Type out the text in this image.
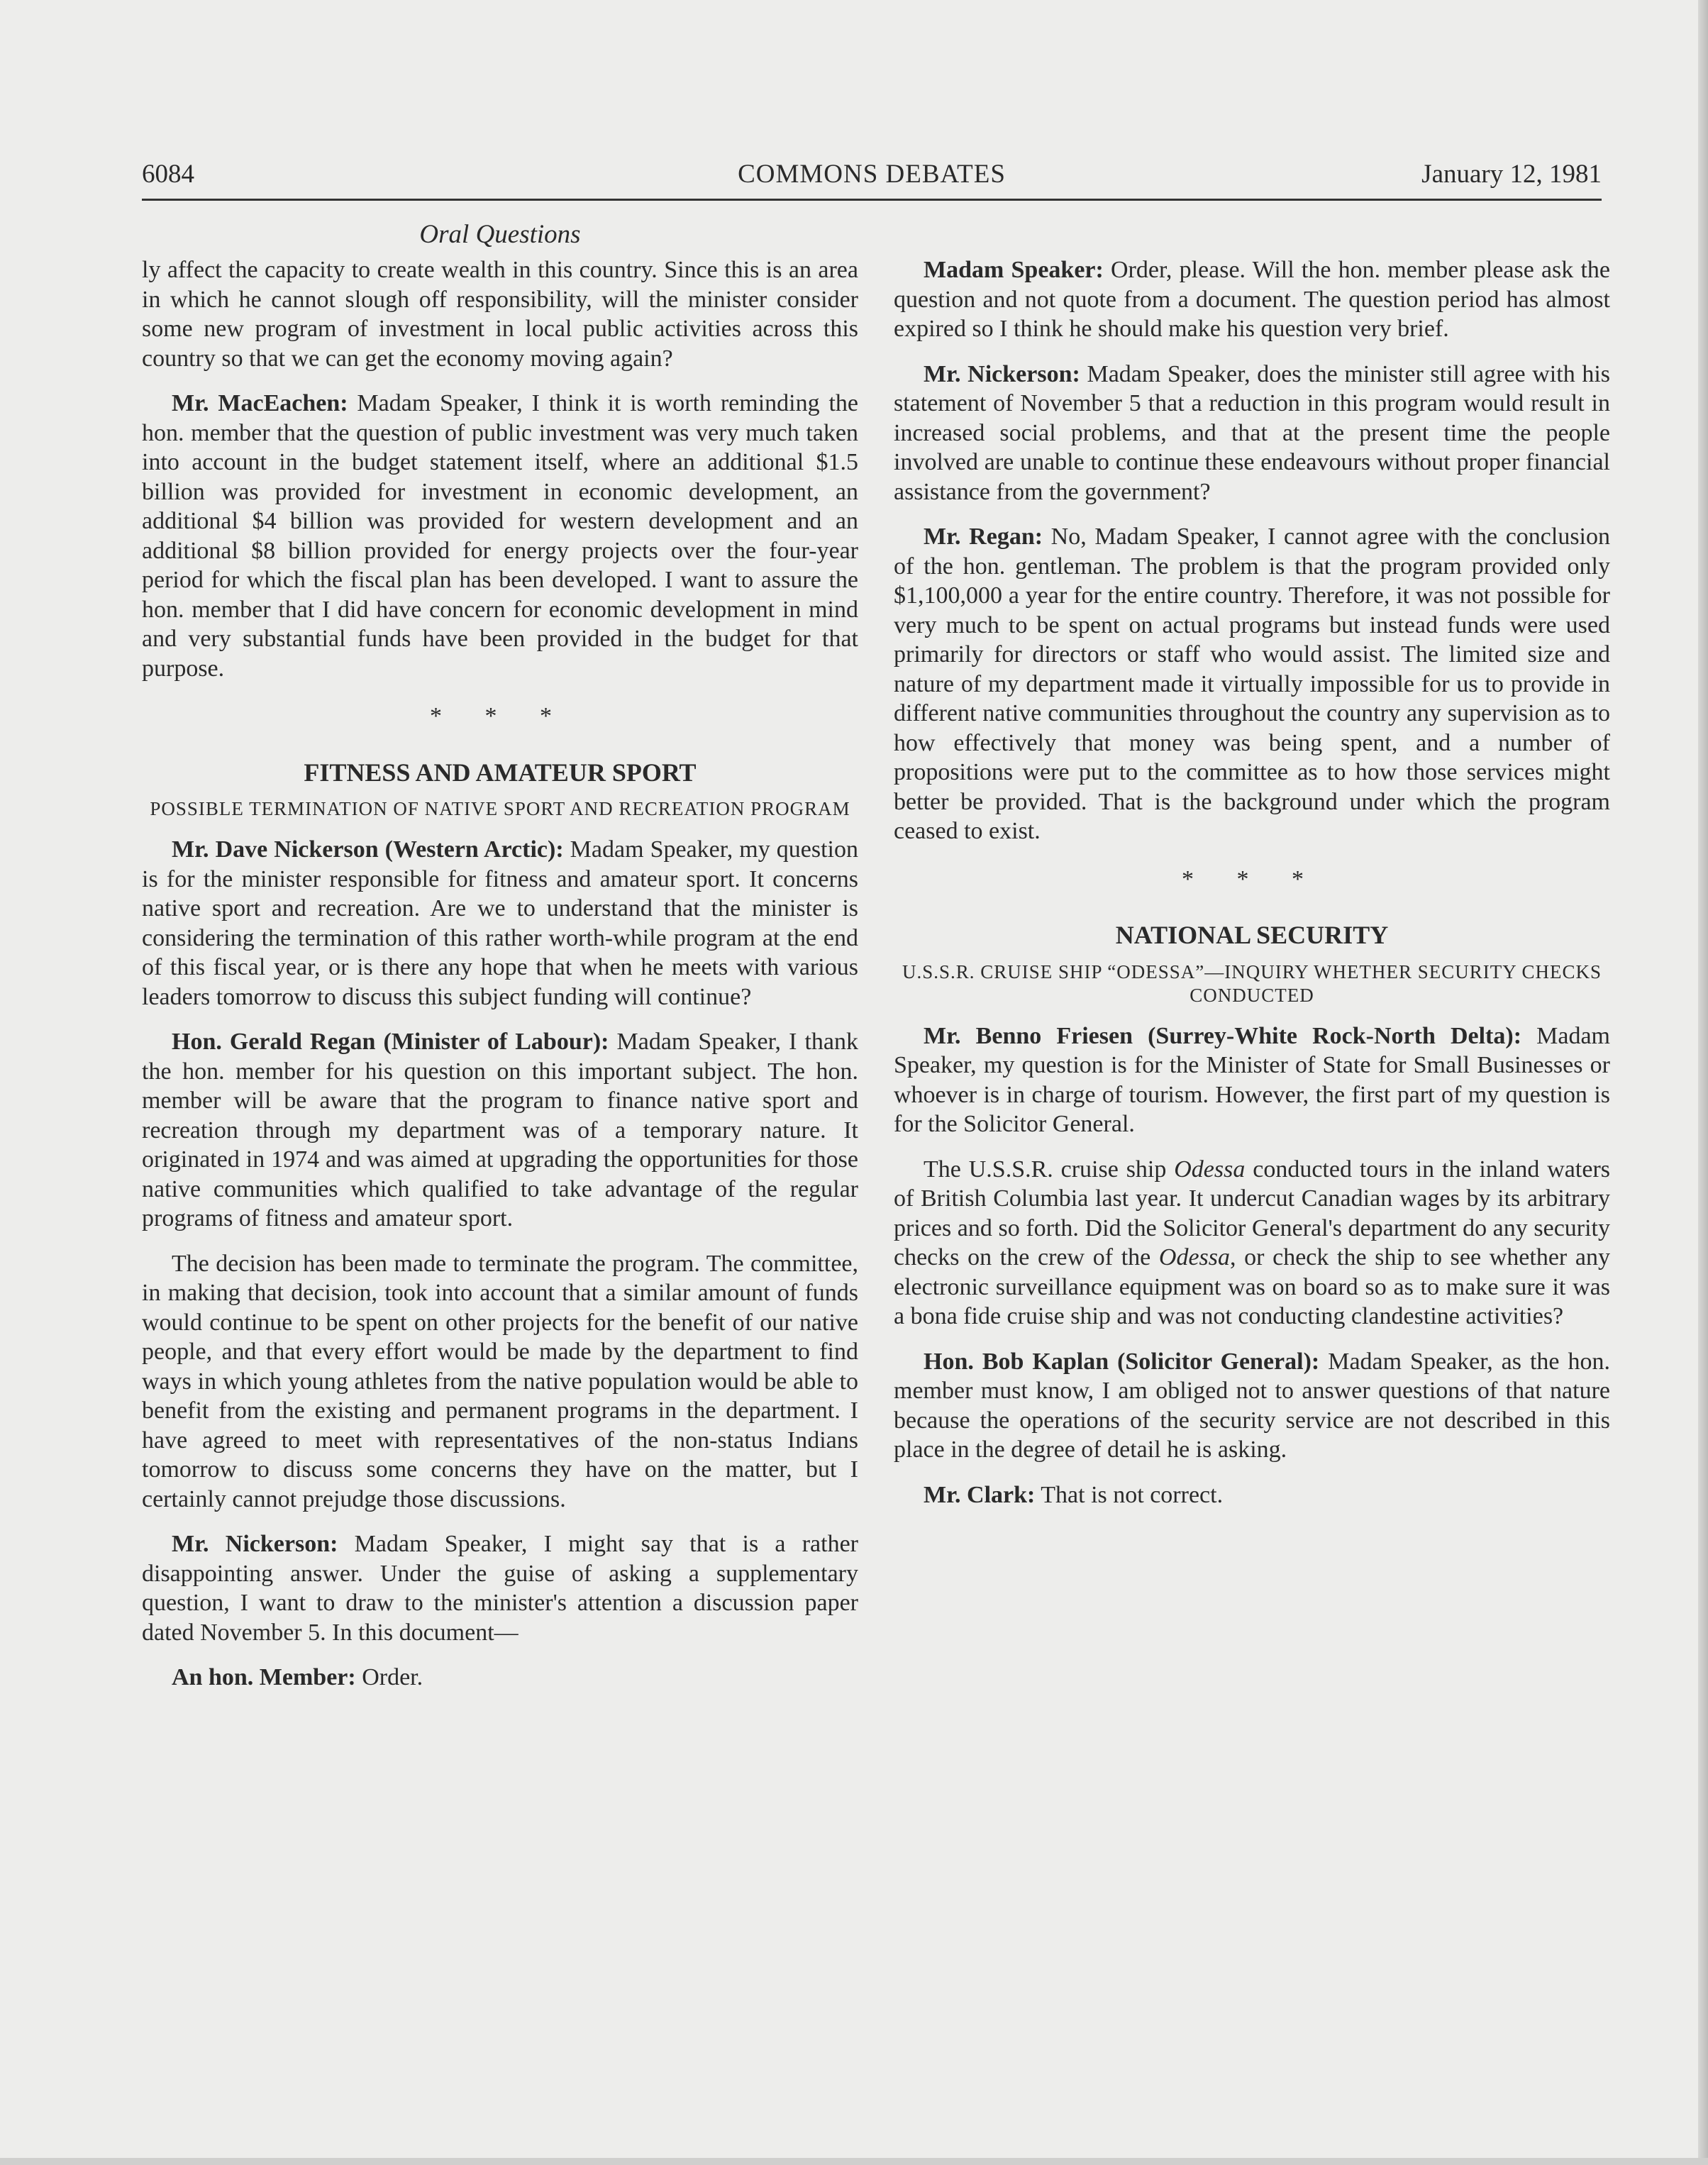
6084	COMMONS DEBATES	January 12, 1981
Oral Questions

ly affect the capacity to create wealth in this country. Since this is an area in which he cannot slough off responsibility, will the minister consider some new program of investment in local public activities across this country so that we can get the economy moving again?

Mr. MacEachen: Madam Speaker, I think it is worth reminding the hon. member that the question of public investment was very much taken into account in the budget statement itself, where an additional $1.5 billion was provided for investment in economic development, an additional $4 billion was provided for western development and an additional $8 billion provided for energy projects over the four-year period for which the fiscal plan has been developed. I want to assure the hon. member that I did have concern for economic development in mind and very substantial funds have been provided in the budget for that purpose.

* * *
FITNESS AND AMATEUR SPORT
POSSIBLE TERMINATION OF NATIVE SPORT AND RECREATION PROGRAM

Mr. Dave Nickerson (Western Arctic): Madam Speaker, my question is for the minister responsible for fitness and amateur sport. It concerns native sport and recreation. Are we to understand that the minister is considering the termination of this rather worth-while program at the end of this fiscal year, or is there any hope that when he meets with various leaders tomorrow to discuss this subject funding will continue?

Hon. Gerald Regan (Minister of Labour): Madam Speaker, I thank the hon. member for his question on this important subject. The hon. member will be aware that the program to finance native sport and recreation through my department was of a temporary nature. It originated in 1974 and was aimed at upgrading the opportunities for those native communities which qualified to take advantage of the regular programs of fitness and amateur sport.

The decision has been made to terminate the program. The committee, in making that decision, took into account that a similar amount of funds would continue to be spent on other projects for the benefit of our native people, and that every effort would be made by the department to find ways in which young athletes from the native population would be able to benefit from the existing and permanent programs in the department. I have agreed to meet with representatives of the non-status Indians tomorrow to discuss some concerns they have on the matter, but I certainly cannot prejudge those discussions.

Mr. Nickerson: Madam Speaker, I might say that is a rather disappointing answer. Under the guise of asking a supplementary question, I want to draw to the minister's attention a discussion paper dated November 5. In this document—

An hon. Member: Order.

Madam Speaker: Order, please. Will the hon. member please ask the question and not quote from a document. The question period has almost expired so I think he should make his question very brief.

Mr. Nickerson: Madam Speaker, does the minister still agree with his statement of November 5 that a reduction in this program would result in increased social problems, and that at the present time the people involved are unable to continue these endeavours without proper financial assistance from the government?

Mr. Regan: No, Madam Speaker, I cannot agree with the conclusion of the hon. gentleman. The problem is that the program provided only $1,100,000 a year for the entire country. Therefore, it was not possible for very much to be spent on actual programs but instead funds were used primarily for directors or staff who would assist. The limited size and nature of my department made it virtually impossible for us to provide in different native communities throughout the country any supervision as to how effectively that money was being spent, and a number of propositions were put to the committee as to how those services might better be provided. That is the background under which the program ceased to exist.

* * *
NATIONAL SECURITY
U.S.S.R. CRUISE SHIP “ODESSA”—INQUIRY WHETHER SECURITY CHECKS CONDUCTED

Mr. Benno Friesen (Surrey-White Rock-North Delta): Madam Speaker, my question is for the Minister of State for Small Businesses or whoever is in charge of tourism. However, the first part of my question is for the Solicitor General.

The U.S.S.R. cruise ship Odessa conducted tours in the inland waters of British Columbia last year. It undercut Canadian wages by its arbitrary prices and so forth. Did the Solicitor General's department do any security checks on the crew of the Odessa, or check the ship to see whether any electronic surveillance equipment was on board so as to make sure it was a bona fide cruise ship and was not conducting clandestine activities?

Hon. Bob Kaplan (Solicitor General): Madam Speaker, as the hon. member must know, I am obliged not to answer questions of that nature because the operations of the security service are not described in this place in the degree of detail he is asking.

Mr. Clark: That is not correct.
